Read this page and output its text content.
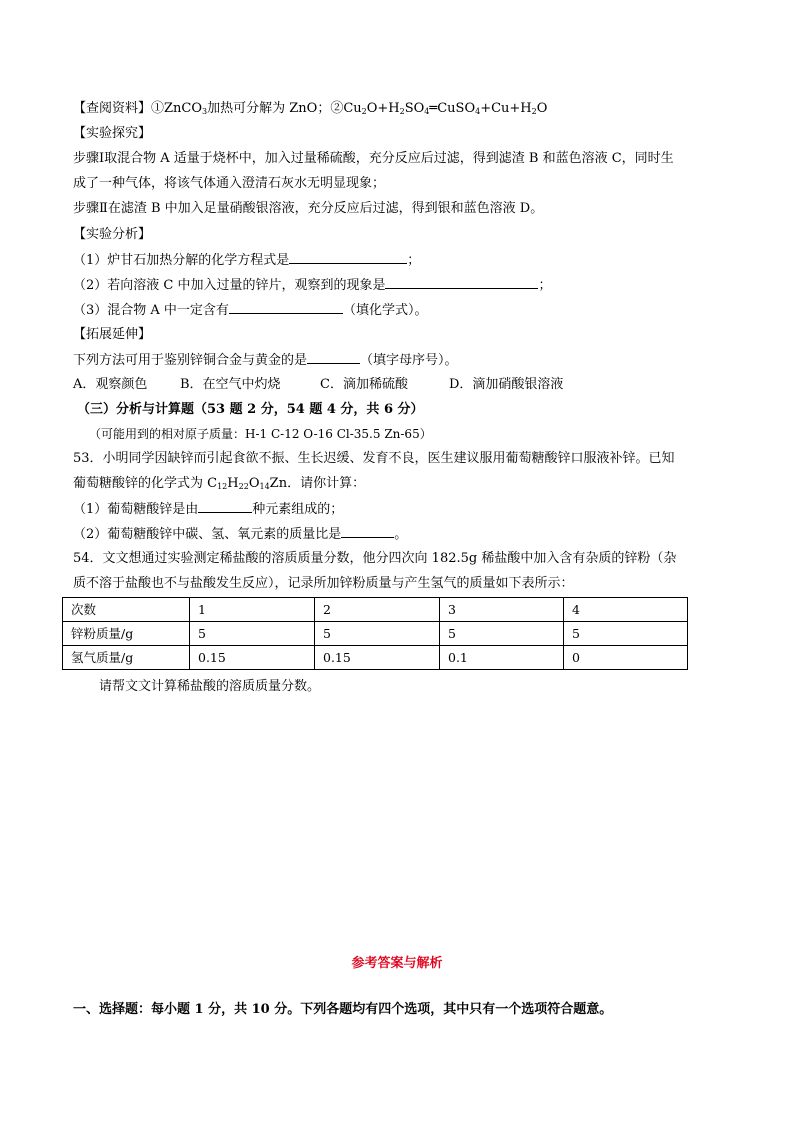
【查阅资料】①ZnCO$_3$加热可分解为 ZnO；$②Cu_2O+H_2SO_4═CuSO_4+Cu+H_2O$
【实验探究】
步骤Ⅰ取混合物 A 适量于烧杯中，加入过量稀硫酸，充分反应后过滤，得到滤渣 B 和蓝色溶液 C，同时生
成了一种气体，将该气体通入澄清石灰水无明显现象；
步骤Ⅱ在滤渣 B 中加入足量硝酸银溶液，充分反应后过滤，得到银和蓝色溶液 D。
【实验分析】
（1）炉甘石加热分解的化学方程式是	；
（2）若向溶液 C 中加入过量的锌片，观察到的现象是	；
（3）混合物 A 中一定含有	（填化学式）。
【拓展延伸】
下列方法可用于鉴别锌铜合金与黄金的是	（填字母序号）。
A．观察颜色	B．在空气中灼烧	C．滴加稀硫酸	D．滴加硝酸银溶液
（三）分析与计算题（53 题 2 分，54 题 4 分，共 6 分）
（可能用到的相对原子质量：H-1 C-12 O-16 Cl-35.5 Zn-65）
53．小明同学因缺锌而引起食欲不振、生长迟缓、发育不良，医生建议服用葡萄糖酸锌口服液补锌。已知
葡萄糖酸锌的化学式为 $C_{12}H_{22}O_{14}Zn$．请你计算：
（1）葡萄糖酸锌是由	种元素组成的；
（2）葡萄糖酸锌中碳、氢、氧元素的质量比是	。
54．文文想通过实验测定稀盐酸的溶质质量分数，他分四次向 182.5g 稀盐酸中加入含有杂质的锌粉（杂
质不溶于盐酸也不与盐酸发生反应），记录所加锌粉质量与产生氢气的质量如下表所示：
次数	1	2	3	4
锌粉质量/g	5	5	5	5
氢气质量/g	0.15	0.15	0.1	0
请帮文文计算稀盐酸的溶质质量分数。
参考答案与解析
一、选择题：每小题 1 分，共 10 分。下列各题均有四个选项，其中只有一个选项符合题意。
